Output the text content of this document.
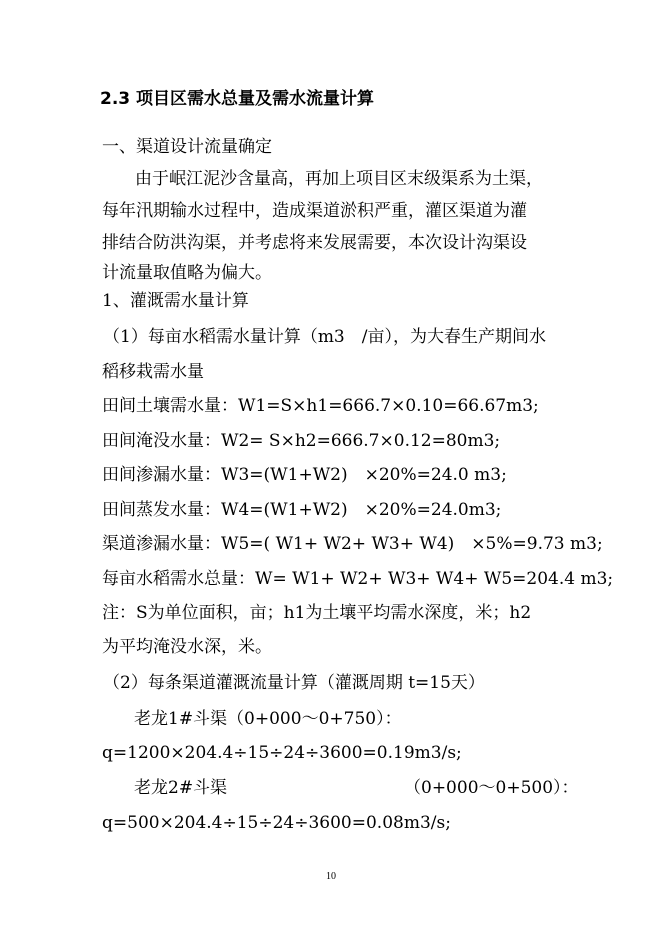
2.3 项目区需水总量及需水流量计算
一、渠道设计流量确定
由于岷江泥沙含量高，再加上项目区末级渠系为土渠，
每年汛期输水过程中，造成渠道淤积严重，灌区渠道为灌
排结合防洪沟渠，并考虑将来发展需要，本次设计沟渠设
计流量取值略为偏大。
1、灌溉需水量计算
（1）每亩水稻需水量计算（m3　/亩），为大春生产期间水
稻移栽需水量
田间土壤需水量：W1=S×h1=666.7×0.10=66.67m3;
田间淹没水量：W2= S×h2=666.7×0.12=80m3;
田间渗漏水量：W3=(W1+W2)　×20%=24.0 m3;
田间蒸发水量：W4=(W1+W2)　×20%=24.0m3;
渠道渗漏水量：W5=( W1+ W2+ W3+ W4)　×5%=9.73 m3;
每亩水稻需水总量：W= W1+ W2+ W3+ W4+ W5=204.4 m3;
注：S为单位面积，亩；h1为土壤平均需水深度，米；h2
为平均淹没水深，米。
（2）每条渠道灌溉流量计算（灌溉周期 t=15天）
老龙1#斗渠（0+000～0+750）：
q=1200×204.4÷15÷24÷3600=0.19m3/s;
老龙2#斗渠	（0+000～0+500）：
q=500×204.4÷15÷24÷3600=0.08m3/s;
10
